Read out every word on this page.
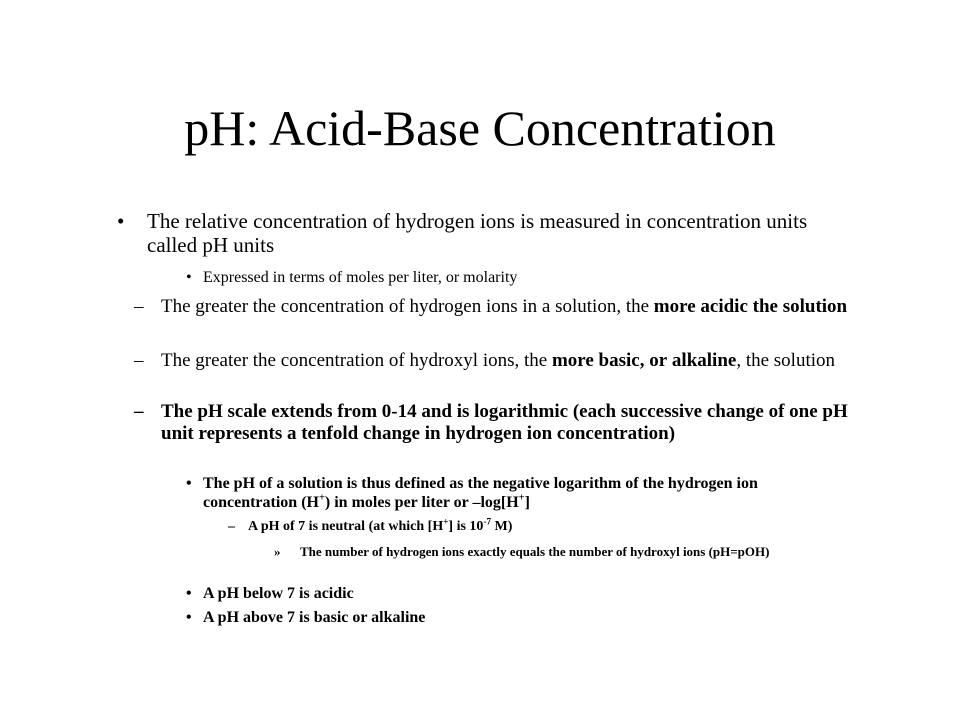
pH: Acid-Base Concentration
• The relative concentration of hydrogen ions is measured in concentration units called pH units
• Expressed in terms of moles per liter, or molarity
– The greater the concentration of hydrogen ions in a solution, the more acidic the solution
– The greater the concentration of hydroxyl ions, the more basic, or alkaline, the solution
– The pH scale extends from 0-14 and is logarithmic (each successive change of one pH unit represents a tenfold change in hydrogen ion concentration)
• The pH of a solution is thus defined as the negative logarithm of the hydrogen ion concentration (H+) in moles per liter or –log[H+]
– A pH of 7 is neutral (at which [H+] is $10^{-7}$ M)
» The number of hydrogen ions exactly equals the number of hydroxyl ions (pH=pOH)
• A pH below 7 is acidic
• A pH above 7 is basic or alkaline
